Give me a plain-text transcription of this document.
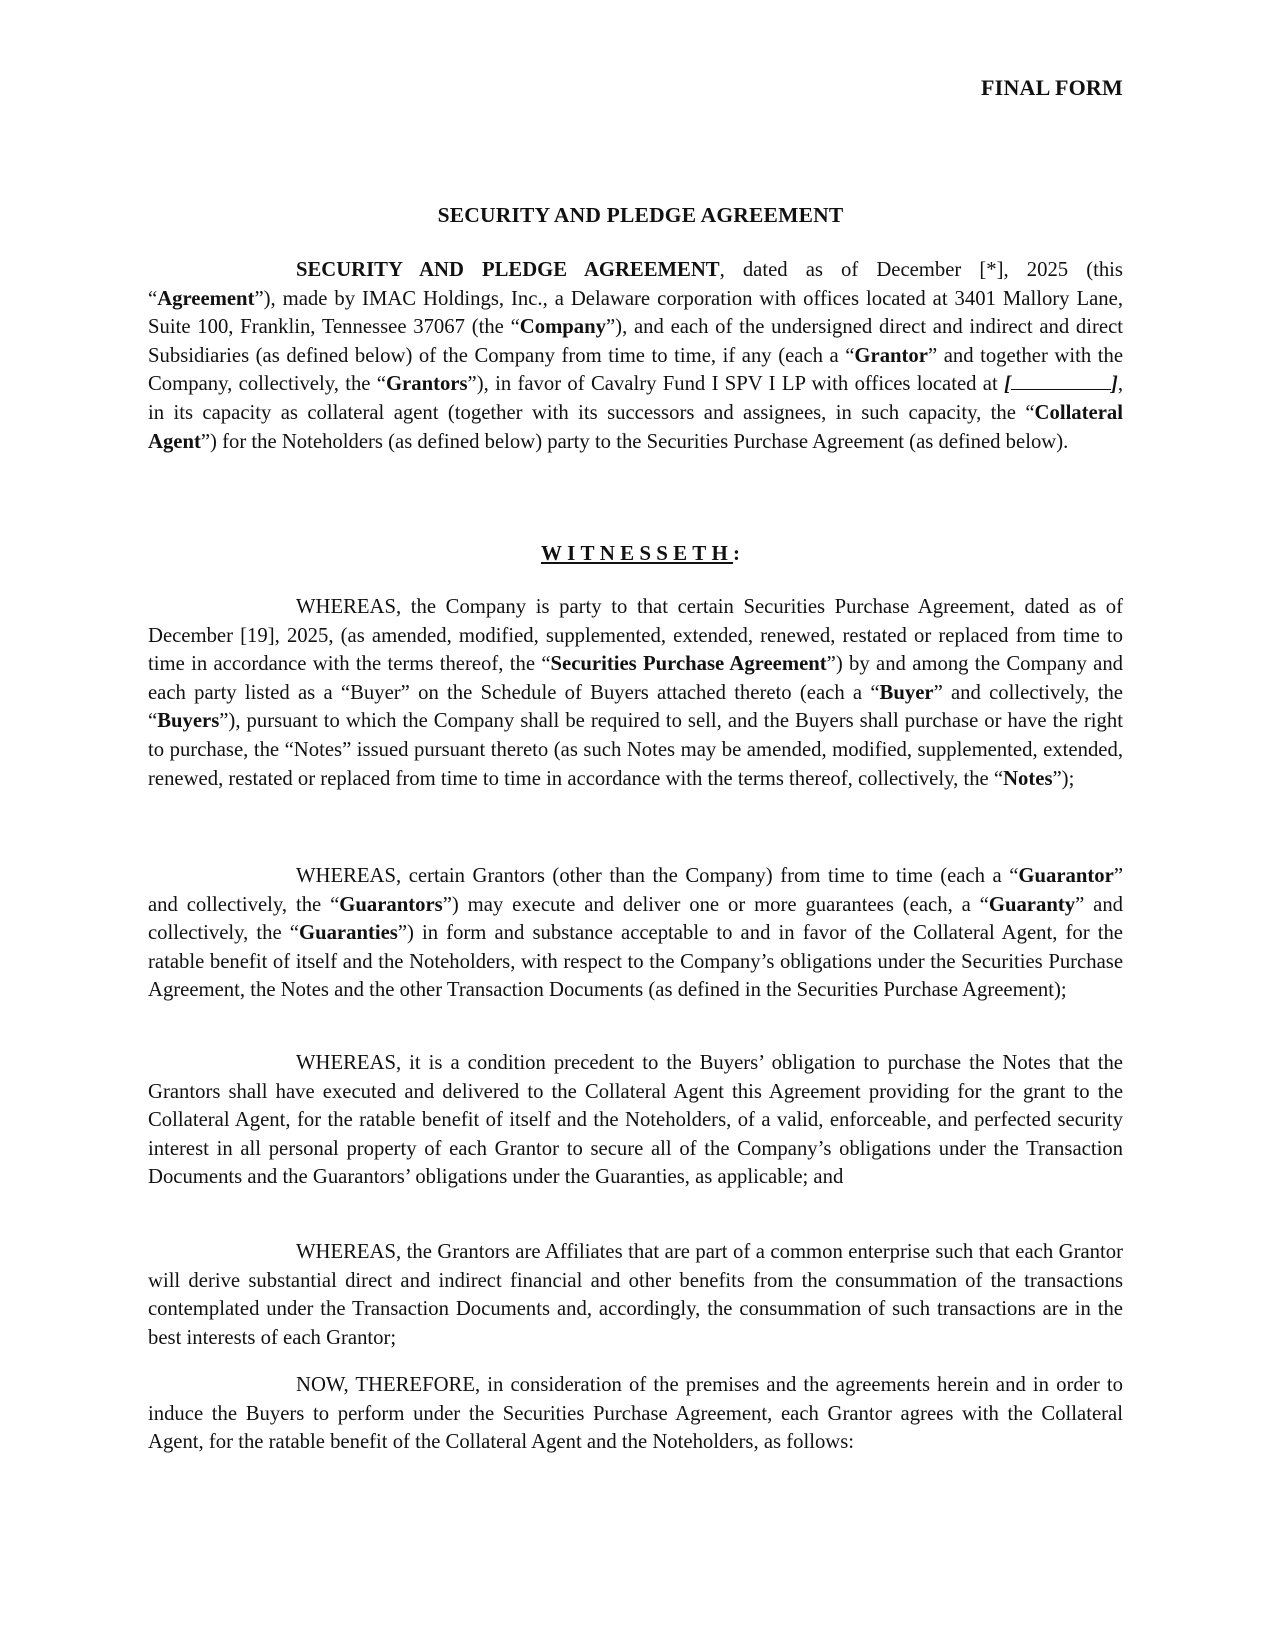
FINAL FORM
SECURITY AND PLEDGE AGREEMENT

SECURITY AND PLEDGE AGREEMENT, dated as of December [*], 2025 (this “Agreement”), made by IMAC Holdings, Inc., a Delaware corporation with offices located at 3401 Mallory Lane, Suite 100, Franklin, Tennessee 37067 (the “Company”), and each of the undersigned direct and indirect and direct Subsidiaries (as defined below) of the Company from time to time, if any (each a “Grantor” and together with the Company, collectively, the “Grantors”), in favor of Cavalry Fund I SPV I LP with offices located at [	], in its capacity as collateral agent (together with its successors and assignees, in such capacity, the “Collateral Agent”) for the Noteholders (as defined below) party to the Securities Purchase Agreement (as defined below).

WITNESSETH:

WHEREAS, the Company is party to that certain Securities Purchase Agreement, dated as of December [19], 2025, (as amended, modified, supplemented, extended, renewed, restated or replaced from time to time in accordance with the terms thereof, the “Securities Purchase Agreement”) by and among the Company and each party listed as a “Buyer” on the Schedule of Buyers attached thereto (each a “Buyer” and collectively, the “Buyers”), pursuant to which the Company shall be required to sell, and the Buyers shall purchase or have the right to purchase, the “Notes” issued pursuant thereto (as such Notes may be amended, modified, supplemented, extended, renewed, restated or replaced from time to time in accordance with the terms thereof, collectively, the “Notes”);

WHEREAS, certain Grantors (other than the Company) from time to time (each a “Guarantor” and collectively, the “Guarantors”) may execute and deliver one or more guarantees (each, a “Guaranty” and collectively, the “Guaranties”) in form and substance acceptable to and in favor of the Collateral Agent, for the ratable benefit of itself and the Noteholders, with respect to the Company’s obligations under the Securities Purchase Agreement, the Notes and the other Transaction Documents (as defined in the Securities Purchase Agreement);

WHEREAS, it is a condition precedent to the Buyers’ obligation to purchase the Notes that the Grantors shall have executed and delivered to the Collateral Agent this Agreement providing for the grant to the Collateral Agent, for the ratable benefit of itself and the Noteholders, of a valid, enforceable, and perfected security interest in all personal property of each Grantor to secure all of the Company’s obligations under the Transaction Documents and the Guarantors’ obligations under the Guaranties, as applicable; and

WHEREAS, the Grantors are Affiliates that are part of a common enterprise such that each Grantor will derive substantial direct and indirect financial and other benefits from the consummation of the transactions contemplated under the Transaction Documents and, accordingly, the consummation of such transactions are in the best interests of each Grantor;

NOW, THEREFORE, in consideration of the premises and the agreements herein and in order to induce the Buyers to perform under the Securities Purchase Agreement, each Grantor agrees with the Collateral Agent, for the ratable benefit of the Collateral Agent and the Noteholders, as follows:
